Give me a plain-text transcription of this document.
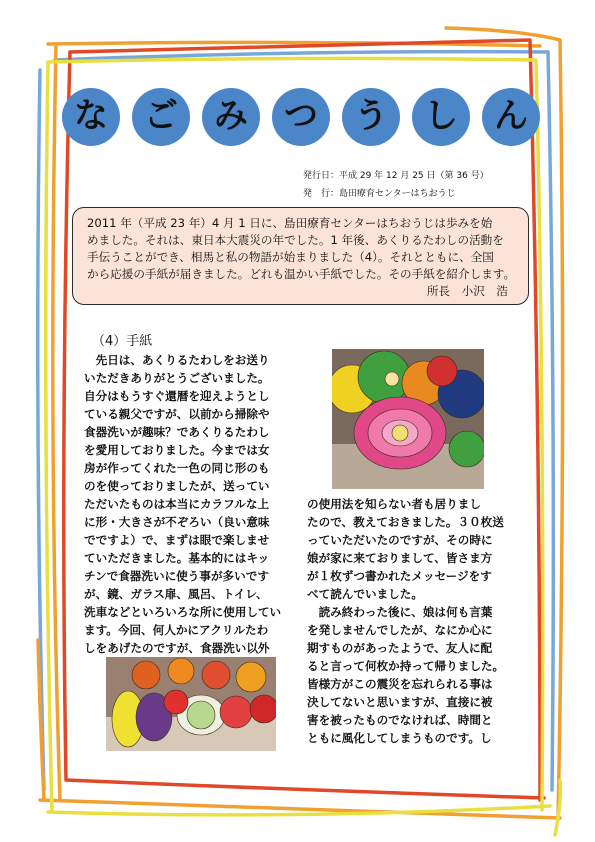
な	ご	み	つ	う	し	ん
発行日：平成 29 年 12 月 25 日（第 36 号）
発　行：島田療育センターはちおうじ
2011 年（平成 23 年）4 月 1 日に、島田療育センターはちおうじは歩みを始
めました。それは、東日本大震災の年でした。1 年後、あくりるたわしの活動を
手伝うことができ、相馬と私の物語が始まりました（4）。それとともに、全国
から応援の手紙が届きました。どれも温かい手紙でした。その手紙を紹介します。
所長　小沢　浩
（4）手紙
　先日は、あくりるたわしをお送り
いただきありがとうございました。
自分はもうすぐ還暦を迎えようとし
ている親父ですが、以前から掃除や
食器洗いが趣味？であくりるたわし
を愛用しておりました。今までは女
房が作ってくれた一色の同じ形のも
のを使っておりましたが、送ってい
ただいたものは本当にカラフルな上
に形・大きさが不ぞろい（良い意味
でですよ）で、まずは眼で楽しませ
ていただきました。基本的にはキッ
チンで食器洗いに使う事が多いです
が、鏡、ガラス扉、風呂、トイレ、
洗車などといろいろな所に使用してい
ます。今回、何人かにアクリルたわ
しをあげたのですが、食器洗い以外
の使用法を知らない者も居りまし
たので、教えておきました。３０枚送
っていただいたのですが、その時に
娘が家に来ておりまして、皆さま方
が１枚ずつ書かれたメッセージをす
べて読んでいました。
　読み終わった後に、娘は何も言葉
を発しませんでしたが、なにか心に
期すものがあったようで、友人に配
ると言って何枚か持って帰りました。
皆様方がこの震災を忘れられる事は
決してないと思いますが、直接に被
害を被ったものでなければ、時間と
ともに風化してしまうものです。し
